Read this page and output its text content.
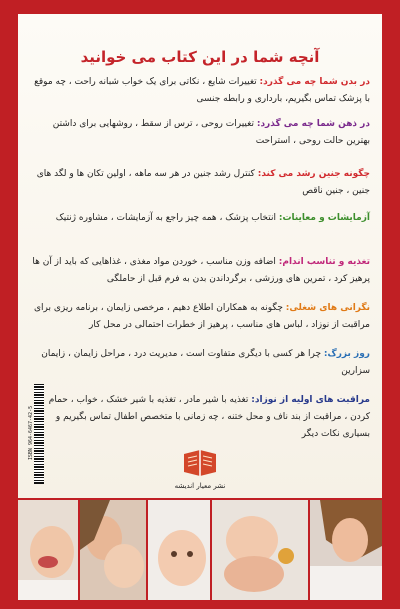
آنچه شما در این کتاب می خوانید
در بدن شما چه می گذرد: تغییرات شایع ، نکاتی برای یک خواب شبانه راحت ، چه موقع با پزشک تماس بگیریم، بارداری و رابطه جنسی
در ذهن شما چه می گذرد: تغییرات روحی ، ترس از سقط ، روشهایی برای داشتن بهترین حالت روحی ، استراحت
چگونه جنین رشد می کند: کنترل رشد جنین در هر سه ماهه ، اولین تکان ها و لگد های جنین ، جنین ناقص
آزمایشات و معاینات: انتخاب پزشک ، همه چیز راجع به آزمایشات ، مشاوره ژنتیک
تغذیه و تناسب اندام: اضافه وزن مناسب ، خوردن مواد مغذی ، غذاهایی که باید از آن ها پرهیز کرد ، تمرین های ورزشی ، برگرداندن بدن به فرم قبل از حاملگی
نگرانی های شغلی: چگونه به همکاران اطلاع دهیم ، مرخصی زایمان ، برنامه ریزی برای مراقبت از نوزاد ، لباس های مناسب ، پرهیز از خطرات احتمالی در محل کار
روز بزرگ: چرا هر کسی با دیگری متفاوت است ، مدیریت درد ، مراحل زایمان ، زایمان سزارین
مراقبت های اولیه از نوزاد: تغذیه با شیر مادر ، تغذیه با شیر خشک ، خواب ، حمام کردن ، مراقبت از بند ناف و محل ختنه ، چه زمانی با متخصص اطفال تماس بگیریم و بسیاری نکات دیگر
ISBN 964-6467-42-5
نشر معیار اندیشه
